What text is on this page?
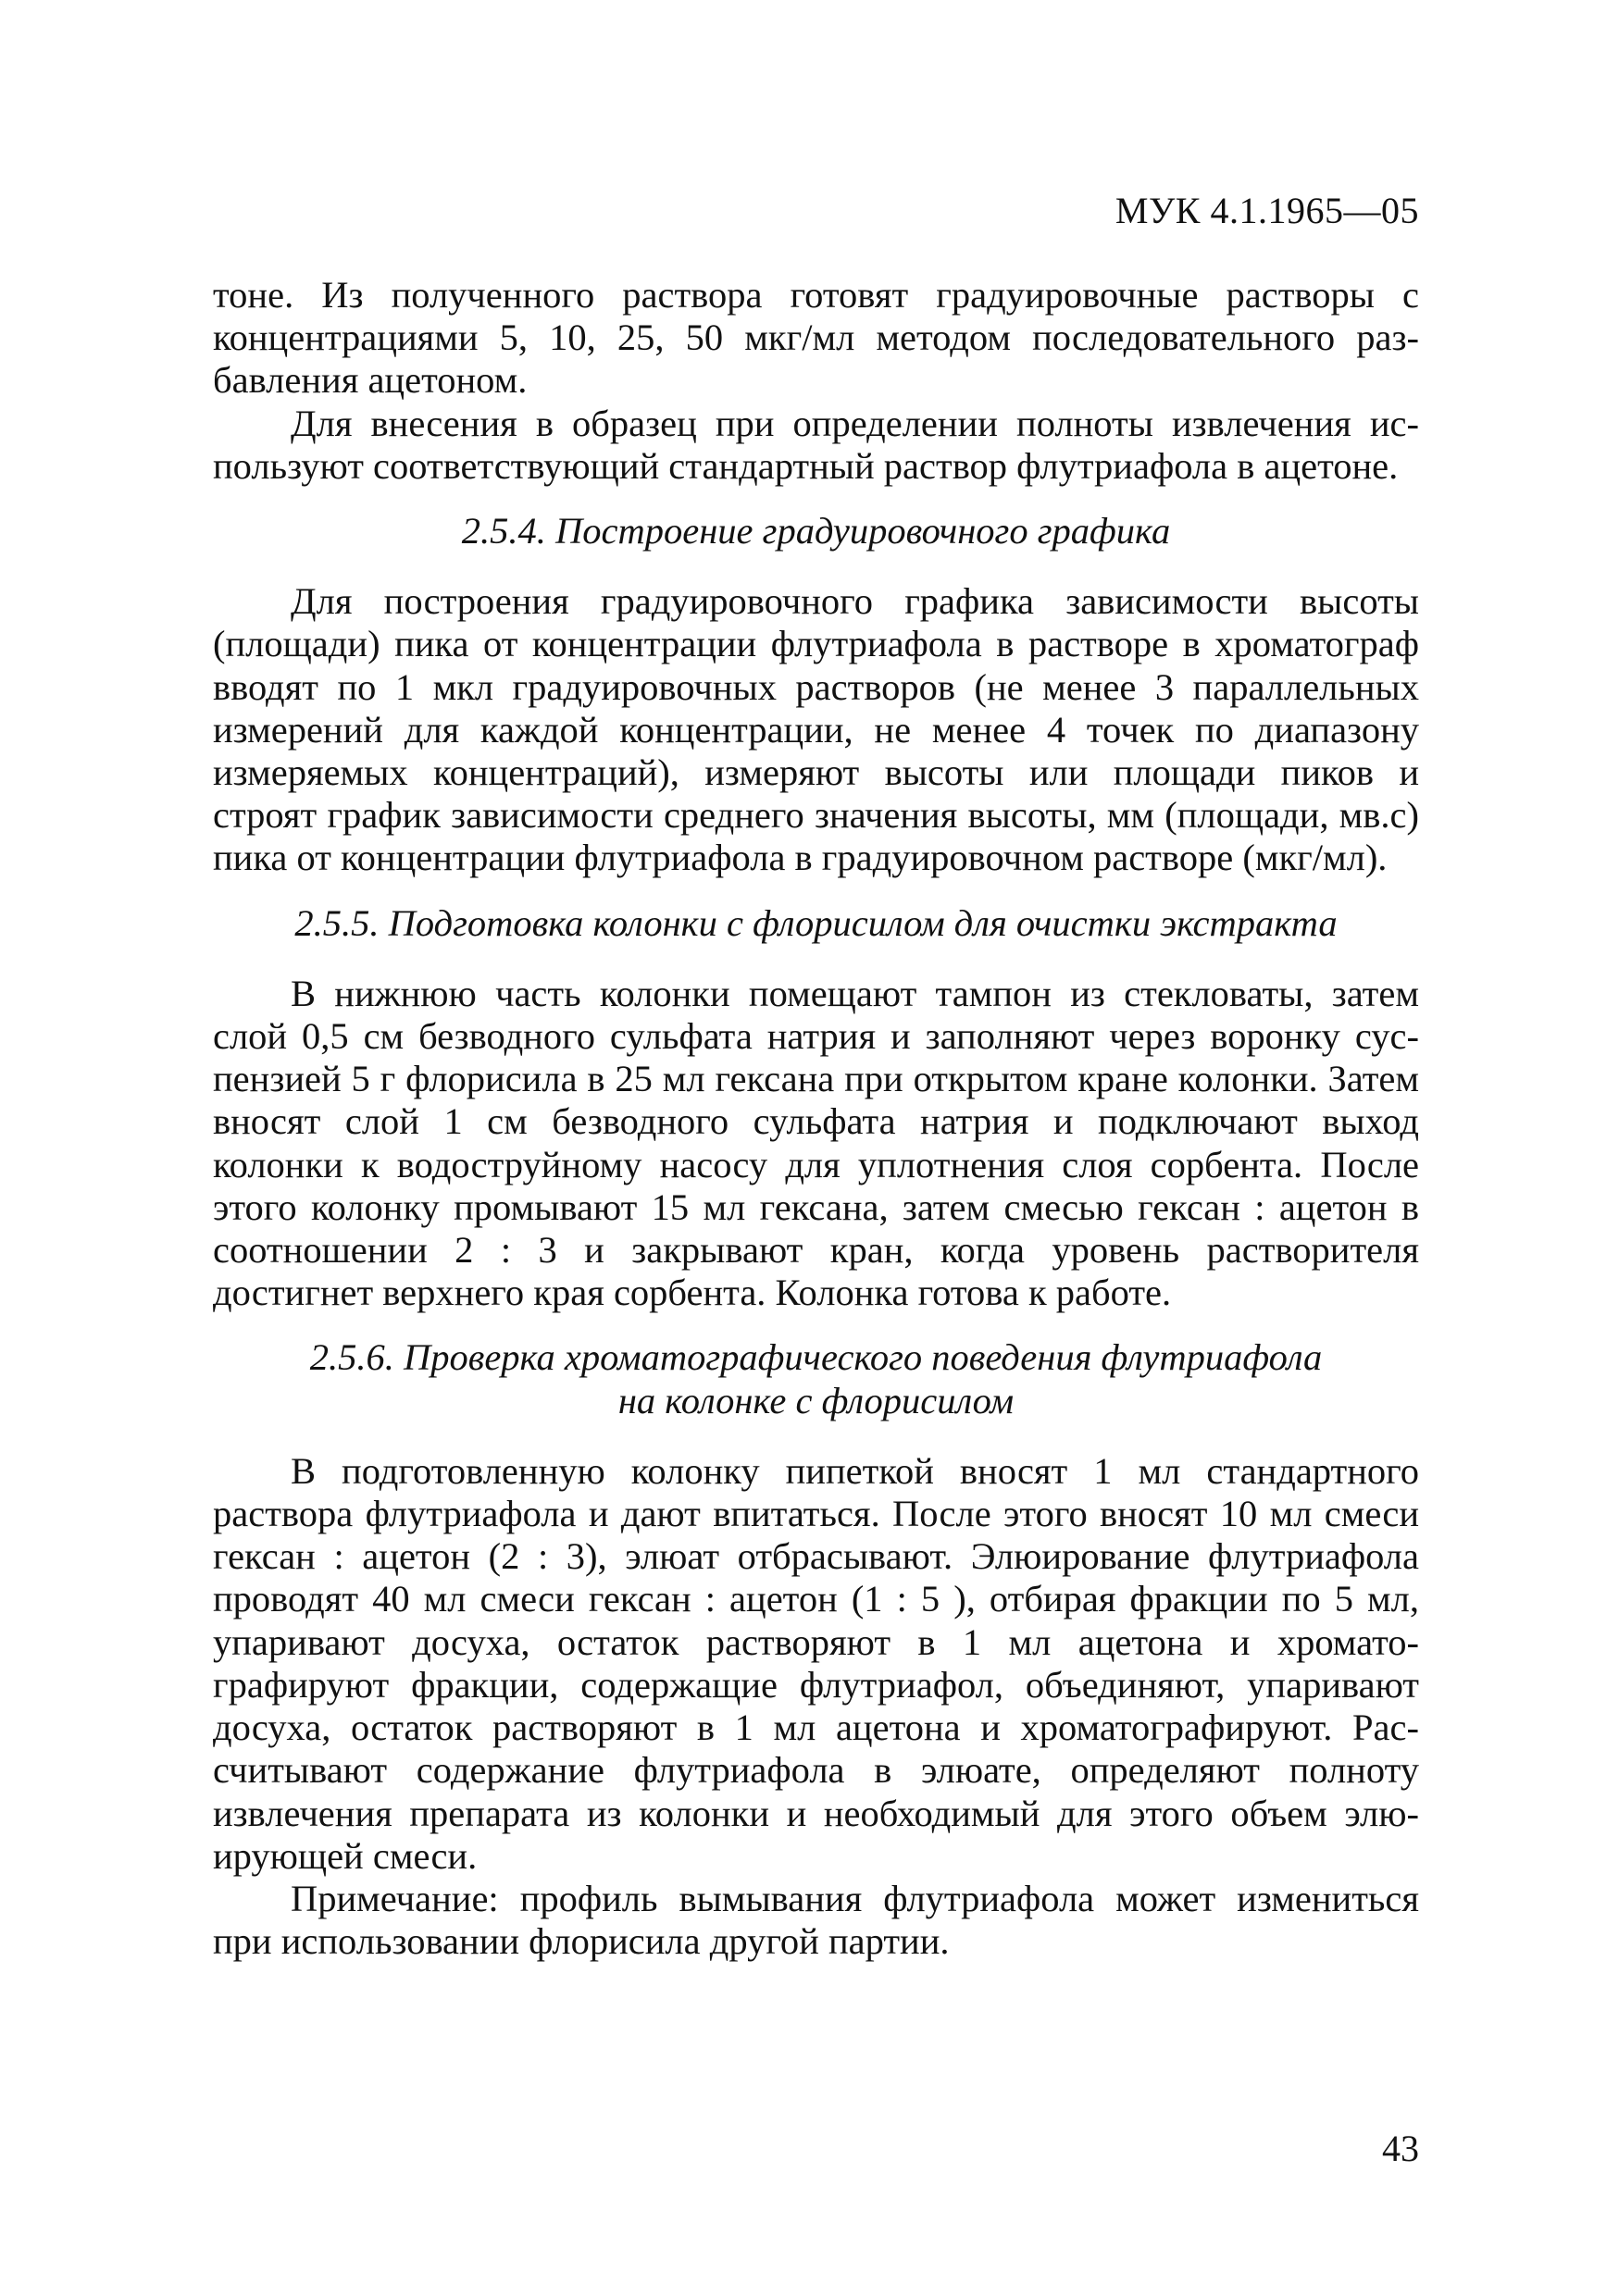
МУК 4.1.1965—05

тоне. Из полученного раствора готовят градуировочные растворы с концентрациями 5, 10, 25, 50 мкг/мл методом последовательного разбавления ацетоном.

Для внесения в образец при определении полноты извлечения используют соответствующий стандартный раствор флутриафола в ацетоне.

2.5.4. Построение градуировочного графика

Для построения градуировочного графика зависимости высоты (площади) пика от концентрации флутриафола в растворе в хроматограф вводят по 1 мкл градуировочных растворов (не менее 3 параллельных измерений для каждой концентрации, не менее 4 точек по диапазону измеряемых концентраций), измеряют высоты или площади пиков и строят график зависимости среднего значения высоты, мм (площади, мв.с) пика от концентрации флутриафола в градуировочном растворе (мкг/мл).

2.5.5. Подготовка колонки с флорисилом для очистки экстракта

В нижнюю часть колонки помещают тампон из стекловаты, затем слой 0,5 см безводного сульфата натрия и заполняют через воронку суспензией 5 г флорисила в 25 мл гексана при открытом кране колонки. Затем вносят слой 1 см безводного сульфата натрия и подключают выход колонки к водоструйному насосу для уплотнения слоя сорбента. После этого колонку промывают 15 мл гексана, затем смесью гексан : ацетон в соотношении 2 : 3 и закрывают кран, когда уровень растворителя достигнет верхнего края сорбента. Колонка готова к работе.

2.5.6. Проверка хроматографического поведения флутриафола
на колонке с флорисилом

В подготовленную колонку пипеткой вносят 1 мл стандартного раствора флутриафола и дают впитаться. После этого вносят 10 мл смеси гексан : ацетон (2 : 3), элюат отбрасывают. Элюирование флутриафола проводят 40 мл смеси гексан : ацетон (1 : 5 ), отбирая фракции по 5 мл, упаривают досуха, остаток растворяют в 1 мл ацетона и хроматографируют фракции, содержащие флутриафол, объединяют, упаривают досуха, остаток растворяют в 1 мл ацетона и хроматографируют. Рассчитывают содержание флутриафола в элюате, определяют полноту извлечения препарата из колонки и необходимый для этого объем элюирующей смеси.

Примечание: профиль вымывания флутриафола может измениться при использовании флорисила другой партии.

43
